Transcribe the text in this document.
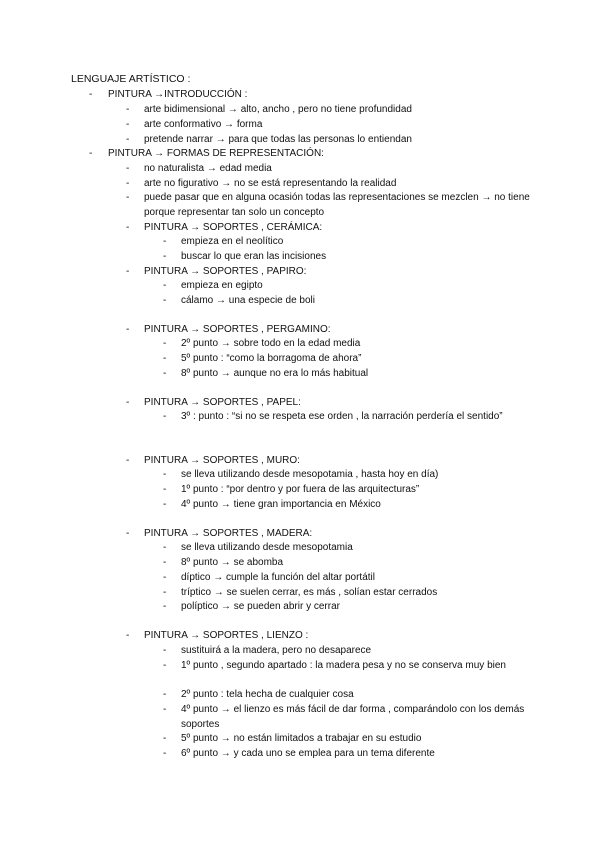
LENGUAJE ARTÍSTICO :
- PINTURA →INTRODUCCIÓN :
- arte bidimensional → alto, ancho , pero no tiene profundidad
- arte conformativo → forma
- pretende narrar → para que todas las personas lo entiendan
- PINTURA → FORMAS DE REPRESENTACIÓN:
- no naturalista → edad media
- arte no figurativo → no se está representando la realidad
- puede pasar que en alguna ocasión todas las representaciones se mezclen → no tiene porque representar tan solo un concepto
- PINTURA → SOPORTES , CERÁMICA:
- empieza en el neolítico
- buscar lo que eran las incisiones
- PINTURA → SOPORTES , PAPIRO:
- empieza en egipto
- cálamo → una especie de boli
- PINTURA → SOPORTES , PERGAMINO:
- 2º punto → sobre todo en la edad media
- 5º punto : “como la borragoma de ahora”
- 8º punto → aunque no era lo más habitual
- PINTURA → SOPORTES , PAPEL:
- 3º : punto : “si no se respeta ese orden , la narración perdería el sentido”
- PINTURA → SOPORTES , MURO:
- se lleva utilizando desde mesopotamia , hasta hoy en día)
- 1º punto : “por dentro y por fuera de las arquitecturas”
- 4º punto → tiene gran importancia en México
- PINTURA → SOPORTES , MADERA:
- se lleva utilizando desde mesopotamia
- 8º punto → se abomba
- díptico → cumple la función del altar portátil
- tríptico → se suelen cerrar, es más , solían estar cerrados
- políptico → se pueden abrir y cerrar
- PINTURA → SOPORTES , LIENZO :
- sustituirá a la madera, pero no desaparece
- 1º punto , segundo apartado : la madera pesa y no se conserva muy bien
- 2º punto : tela hecha de cualquier cosa
- 4º punto → el lienzo es más fácil de dar forma , comparándolo con los demás soportes
- 5º punto → no están limitados a trabajar en su estudio
- 6º punto → y cada uno se emplea para un tema diferente
